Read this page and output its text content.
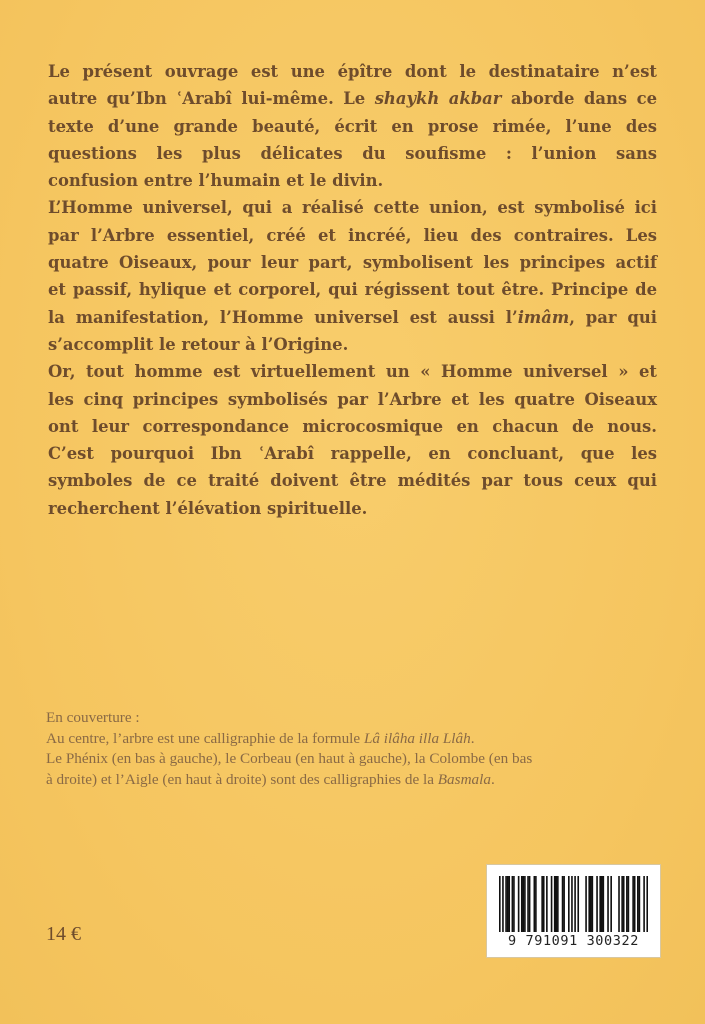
Le présent ouvrage est une épître dont le destinataire n’est
autre qu’Ibn ʿArabî lui-même. Le shaykh akbar aborde dans ce
texte d’une grande beauté, écrit en prose rimée, l’une des
questions les plus délicates du soufisme : l’union sans
confusion entre l’humain et le divin.
L’Homme universel, qui a réalisé cette union, est symbolisé ici
par l’Arbre essentiel, créé et incréé, lieu des contraires. Les
quatre Oiseaux, pour leur part, symbolisent les principes actif
et passif, hylique et corporel, qui régissent tout être. Principe de
la manifestation, l’Homme universel est aussi l’imâm, par qui
s’accomplit le retour à l’Origine.
Or, tout homme est virtuellement un « Homme universel » et
les cinq principes symbolisés par l’Arbre et les quatre Oiseaux
ont leur correspondance microcosmique en chacun de nous.
C’est pourquoi Ibn ʿArabî rappelle, en concluant, que les
symboles de ce traité doivent être médités par tous ceux qui
recherchent l’élévation spirituelle.
En couverture :
Au centre, l’arbre est une calligraphie de la formule Lâ ilâha illa Llâh.
Le Phénix (en bas à gauche), le Corbeau (en haut à gauche), la Colombe (en bas
à droite) et l’Aigle (en haut à droite) sont des calligraphies de la Basmala.
14 €	9 791091 300322
